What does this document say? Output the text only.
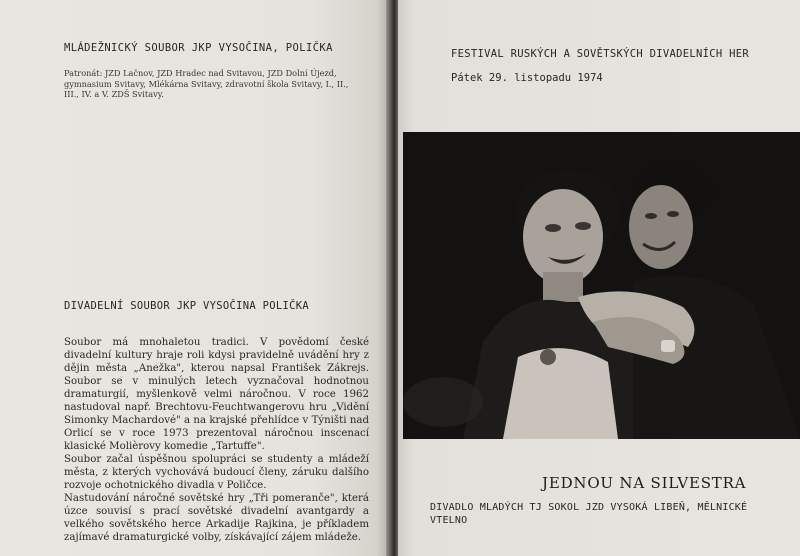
MLÁDEŽNICKÝ SOUBOR JKP VYSOČINA, POLIČKA
Patronát: JZD Lačnov, JZD Hradec nad Svitavou, JZD Dolní Újezd, gymnasium Svitavy, Mlékárna Svitavy, zdravotní škola Svitavy, I., II., III., IV. a V. ZDŠ Svitavy.
DIVADELNÍ SOUBOR JKP VYSOČINA POLIČKA

Soubor má mnohaletou tradici. V povědomí české divadelní kultury hraje roli kdysi pravidelně uváděnı́ hry z dějin města „Anežka", kterou napsal František Zákrejs. Soubor se v minulých letech vyznačoval hodnotnou dramaturgií, myšlenkově velmi náročnou. V roce 1962 nastudoval např. Brechtovu-Feuchtwangerovu hru „Vidění Simonky Machardové" a na krajské přehlídce v Týništi nad Orlicí se v roce 1973 prezentoval náročnou inscenací klasické Molièrovy komedie „Tartuffe".

Soubor začal úspěšnou spolupráci se studenty a mládeží města, z kterých vychovává budoucí členy, záruku dalšího rozvoje ochotnického divadla v Poličce.

Nastudování náročné sovětské hry „Tři pomeranče", která úzce souvisí s prací sovětské divadelní avantgardy a velkého sovětského herce Arkadije Rajkina, je příkladem zajímavé dramaturgické volby, získávající zájem mládeže.

FESTIVAL RUSKÝCH A SOVĚTSKÝCH DIVADELNÍCH HER
Pátek 29. listopadu 1974
JEDNOU NA SILVESTRA
DIVADLO MLADÝCH TJ SOKOL JZD VYSOKÁ LIBEŇ, MĚLNICKÉ VTELNO
